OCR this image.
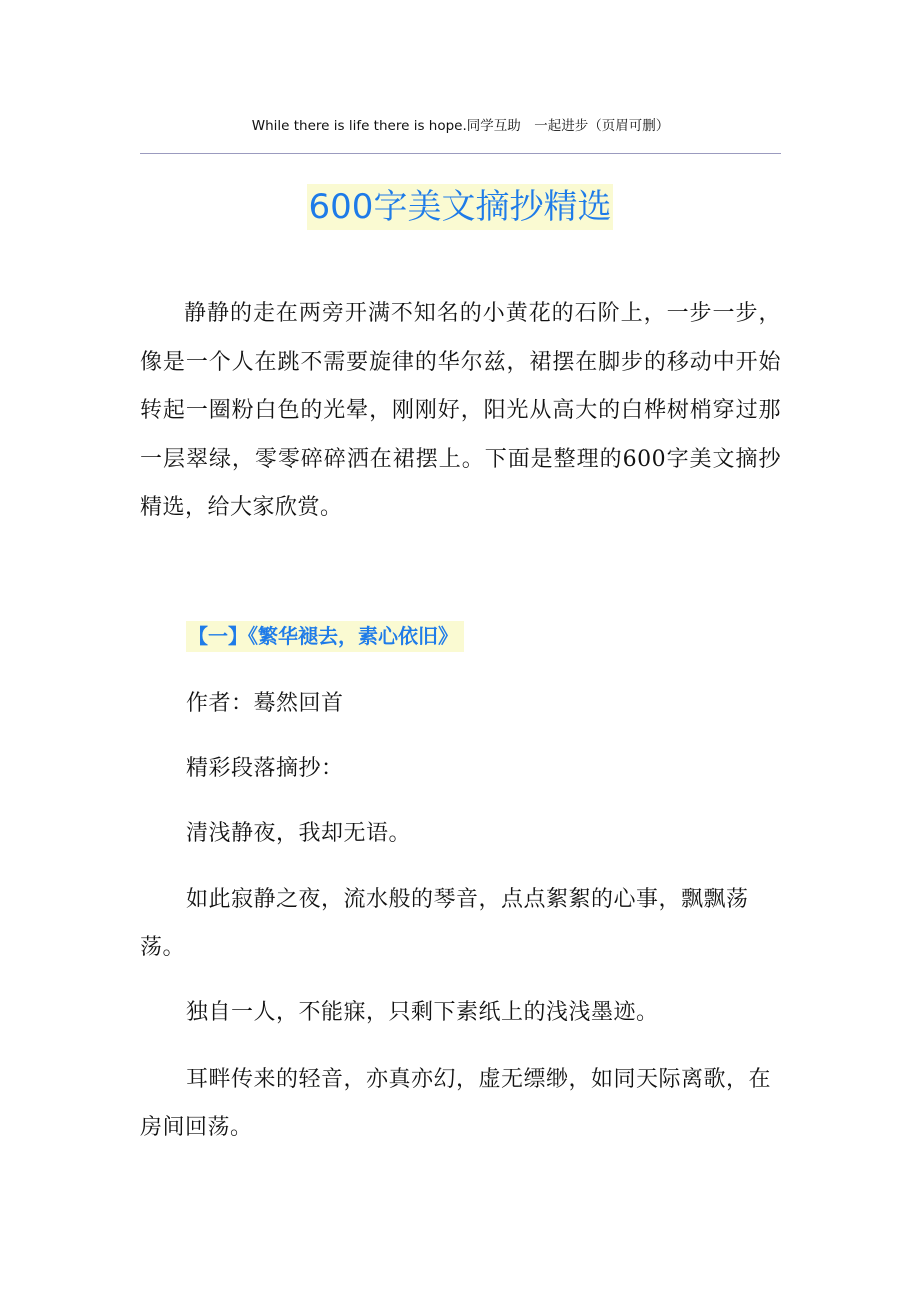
While there is life there is hope.同学互助　一起进步（页眉可删）
600字美文摘抄精选
静静的走在两旁开满不知名的小黄花的石阶上，一步一步，像是一个人在跳不需要旋律的华尔兹，裙摆在脚步的移动中开始转起一圈粉白色的光晕，刚刚好，阳光从高大的白桦树梢穿过那一层翠绿，零零碎碎洒在裙摆上。下面是整理的600字美文摘抄精选，给大家欣赏。
【一】《繁华褪去，素心依旧》
作者：蓦然回首
精彩段落摘抄：
清浅静夜，我却无语。
如此寂静之夜，流水般的琴音，点点絮絮的心事，飘飘荡荡。
独自一人，不能寐，只剩下素纸上的浅浅墨迹。
耳畔传来的轻音，亦真亦幻，虚无缥缈，如同天际离歌，在房间回荡。
